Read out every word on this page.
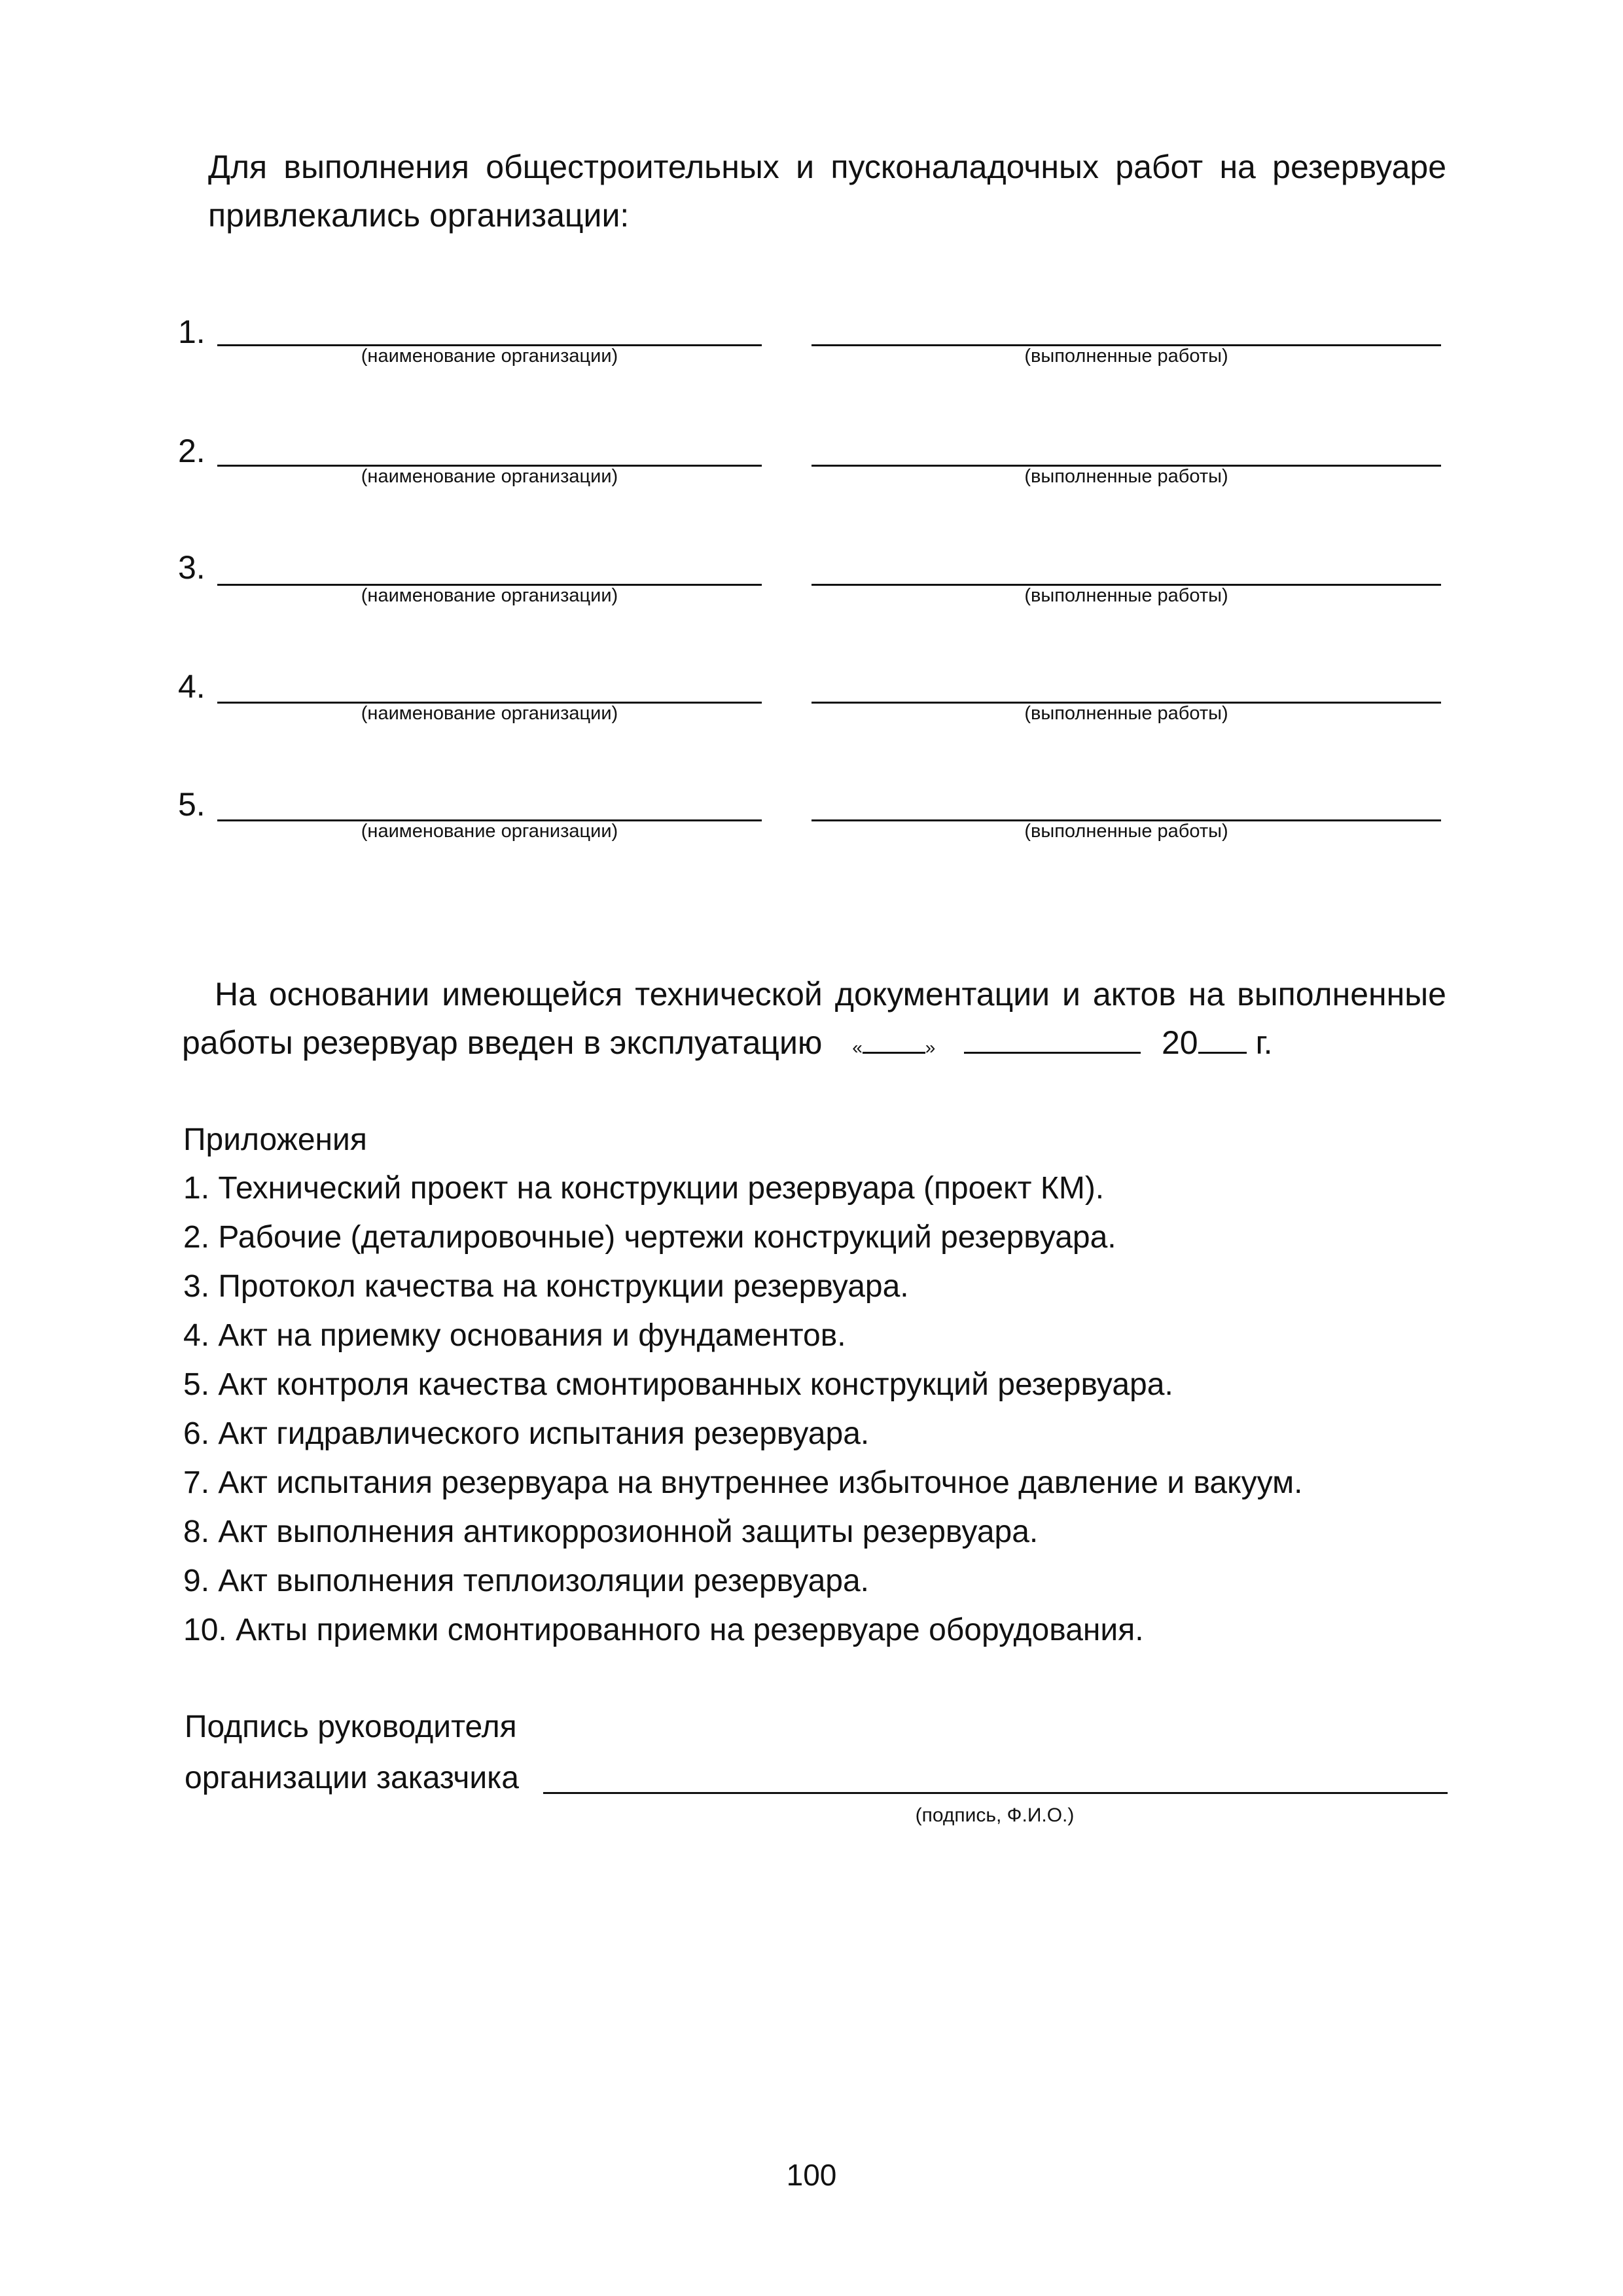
Для выполнения общестроительных и пусконаладочных работ на резервуаре
привлекались организации:
1.
(наименование организации)	(выполненные работы)
2.
(наименование организации)	(выполненные работы)
3.
(наименование организации)	(выполненные работы)
4.
(наименование организации)	(выполненные работы)
5.
(наименование организации)	(выполненные работы)
На основании имеющейся технической документации и актов на выполненные
работы резервуар введен в эксплуатацию «	»	20 г.
Приложения
1. Технический проект на конструкции резервуара (проект КМ).
2. Рабочие (деталировочные) чертежи конструкций резервуара.
3. Протокол качества на конструкции резервуара.
4. Акт на приемку основания и фундаментов.
5. Акт контроля качества смонтированных конструкций резервуара.
6. Акт гидравлического испытания резервуара.
7. Акт испытания резервуара на внутреннее избыточное давление и вакуум.
8. Акт выполнения антикоррозионной защиты резервуара.
9. Акт выполнения теплоизоляции резервуара.
10. Акты приемки смонтированного на резервуаре оборудования.
Подпись руководителя
организации заказчика
(подпись, Ф.И.О.)
100
